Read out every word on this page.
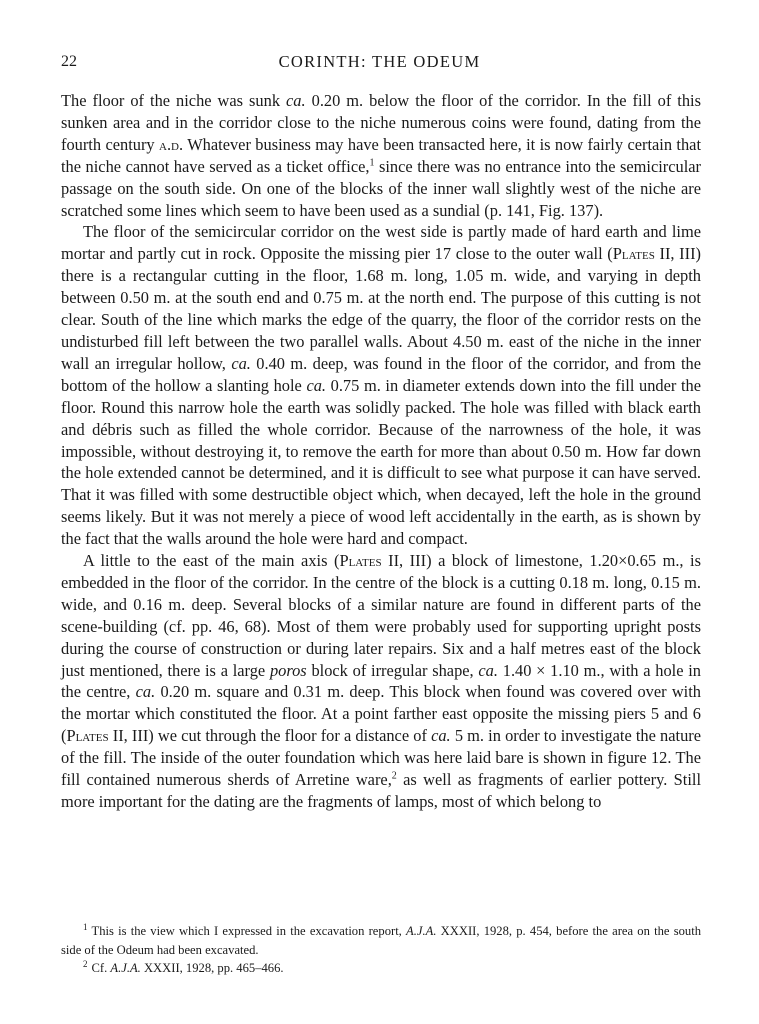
22	CORINTH: THE ODEUM

The floor of the niche was sunk ca. 0.20 m. below the floor of the corridor. In the fill of this sunken area and in the corridor close to the niche numerous coins were found, dating from the fourth century a.d. Whatever business may have been transacted here, it is now fairly certain that the niche cannot have served as a ticket office,$^1$ since there was no entrance into the semicircular passage on the south side. On one of the blocks of the inner wall slightly west of the niche are scratched some lines which seem to have been used as a sundial (p. 141, Fig. 137).

The floor of the semicircular corridor on the west side is partly made of hard earth and lime mortar and partly cut in rock. Opposite the missing pier 17 close to the outer wall (Plates II, III) there is a rectangular cutting in the floor, 1.68 m. long, 1.05 m. wide, and varying in depth between 0.50 m. at the south end and 0.75 m. at the north end. The purpose of this cutting is not clear. South of the line which marks the edge of the quarry, the floor of the corridor rests on the undisturbed fill left between the two parallel walls. About 4.50 m. east of the niche in the inner wall an irregular hollow, ca. 0.40 m. deep, was found in the floor of the corridor, and from the bottom of the hollow a slanting hole ca. 0.75 m. in diameter extends down into the fill under the floor. Round this narrow hole the earth was solidly packed. The hole was filled with black earth and débris such as filled the whole corridor. Because of the narrowness of the hole, it was impossible, without destroying it, to remove the earth for more than about 0.50 m. How far down the hole extended cannot be determined, and it is difficult to see what purpose it can have served. That it was filled with some destructible object which, when decayed, left the hole in the ground seems likely. But it was not merely a piece of wood left accidentally in the earth, as is shown by the fact that the walls around the hole were hard and compact.

A little to the east of the main axis (Plates II, III) a block of limestone, 1.20×0.65 m., is embedded in the floor of the corridor. In the centre of the block is a cutting 0.18 m. long, 0.15 m. wide, and 0.16 m. deep. Several blocks of a similar nature are found in different parts of the scene-building (cf. pp. 46, 68). Most of them were probably used for supporting upright posts during the course of construction or during later repairs. Six and a half metres east of the block just mentioned, there is a large poros block of irregular shape, ca. 1.40 × 1.10 m., with a hole in the centre, ca. 0.20 m. square and 0.31 m. deep. This block when found was covered over with the mortar which constituted the floor. At a point farther east opposite the missing piers 5 and 6 (Plates II, III) we cut through the floor for a distance of ca. 5 m. in order to investigate the nature of the fill. The inside of the outer foundation which was here laid bare is shown in figure 12. The fill contained numerous sherds of Arretine ware,$^2$ as well as fragments of earlier pottery. Still more important for the dating are the fragments of lamps, most of which belong to

$^1$ This is the view which I expressed in the excavation report, A.J.A. XXXII, 1928, p. 454, before the area on the south side of the Odeum had been excavated.

$^2$ Cf. A.J.A. XXXII, 1928, pp. 465–466.
